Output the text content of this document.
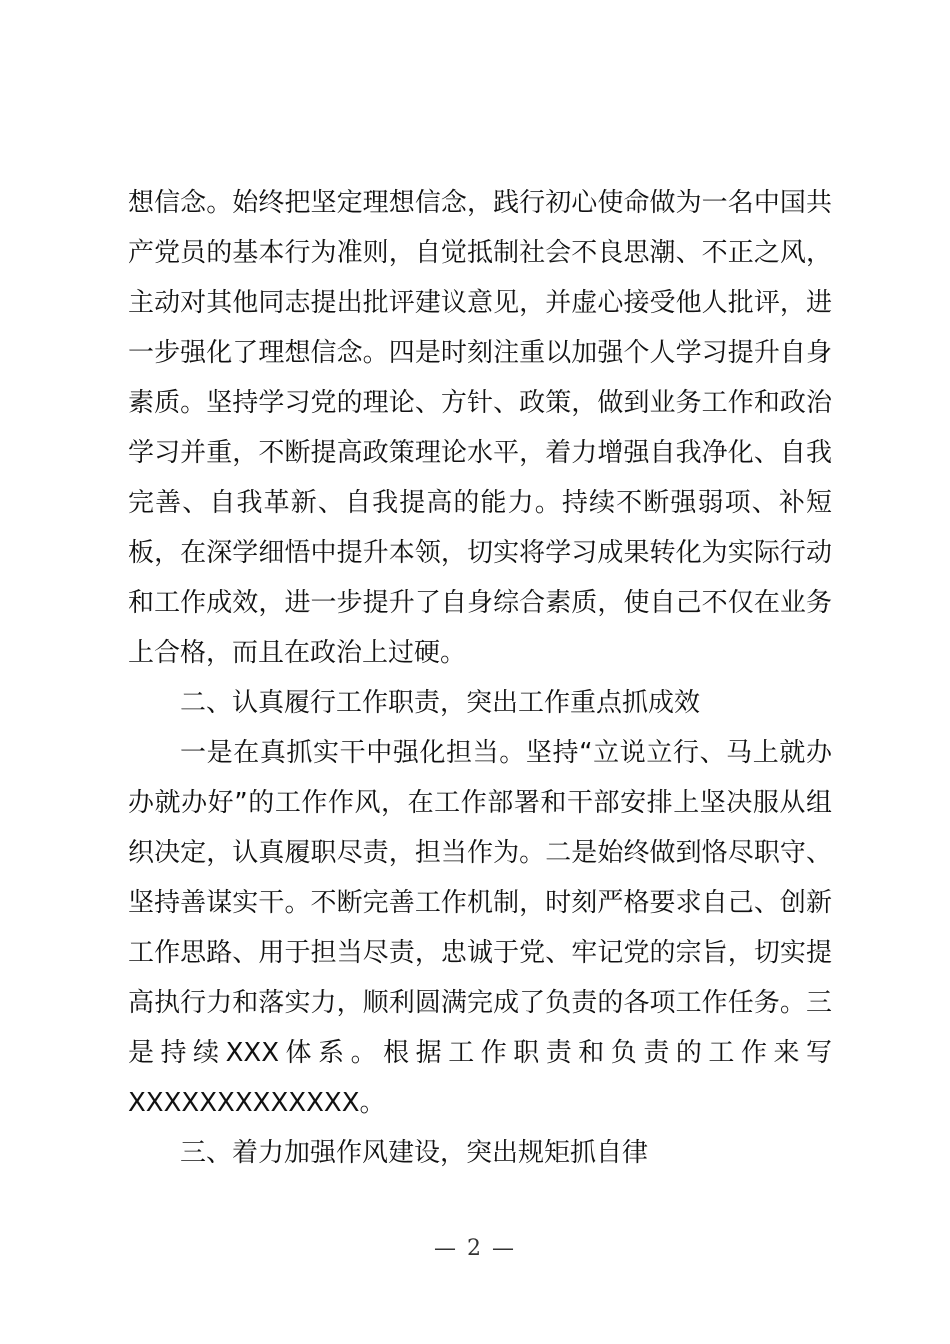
想信念。始终把坚定理想信念，践行初心使命做为一名中国共产党员的基本行为准则，自觉抵制社会不良思潮、不正之风，主动对其他同志提出批评建议意见，并虚心接受他人批评，进一步强化了理想信念。四是时刻注重以加强个人学习提升自身素质。坚持学习党的理论、方针、政策，做到业务工作和政治学习并重，不断提高政策理论水平，着力增强自我净化、自我完善、自我革新、自我提高的能力。持续不断强弱项、补短板，在深学细悟中提升本领，切实将学习成果转化为实际行动和工作成效，进一步提升了自身综合素质，使自己不仅在业务上合格，而且在政治上过硬。

二、认真履行工作职责，突出工作重点抓成效

一是在真抓实干中强化担当。坚持“立说立行、马上就办办就办好”的工作作风，在工作部署和干部安排上坚决服从组织决定，认真履职尽责，担当作为。二是始终做到恪尽职守、坚持善谋实干。不断完善工作机制，时刻严格要求自己、创新工作思路、用于担当尽责，忠诚于党、牢记党的宗旨，切实提高执行力和落实力，顺利圆满完成了负责的各项工作任务。三是持续XXX体系。根据工作职责和负责的工作来写XXXXXXXXXXXXX。

三、着力加强作风建设，突出规矩抓自律

— 2 —
